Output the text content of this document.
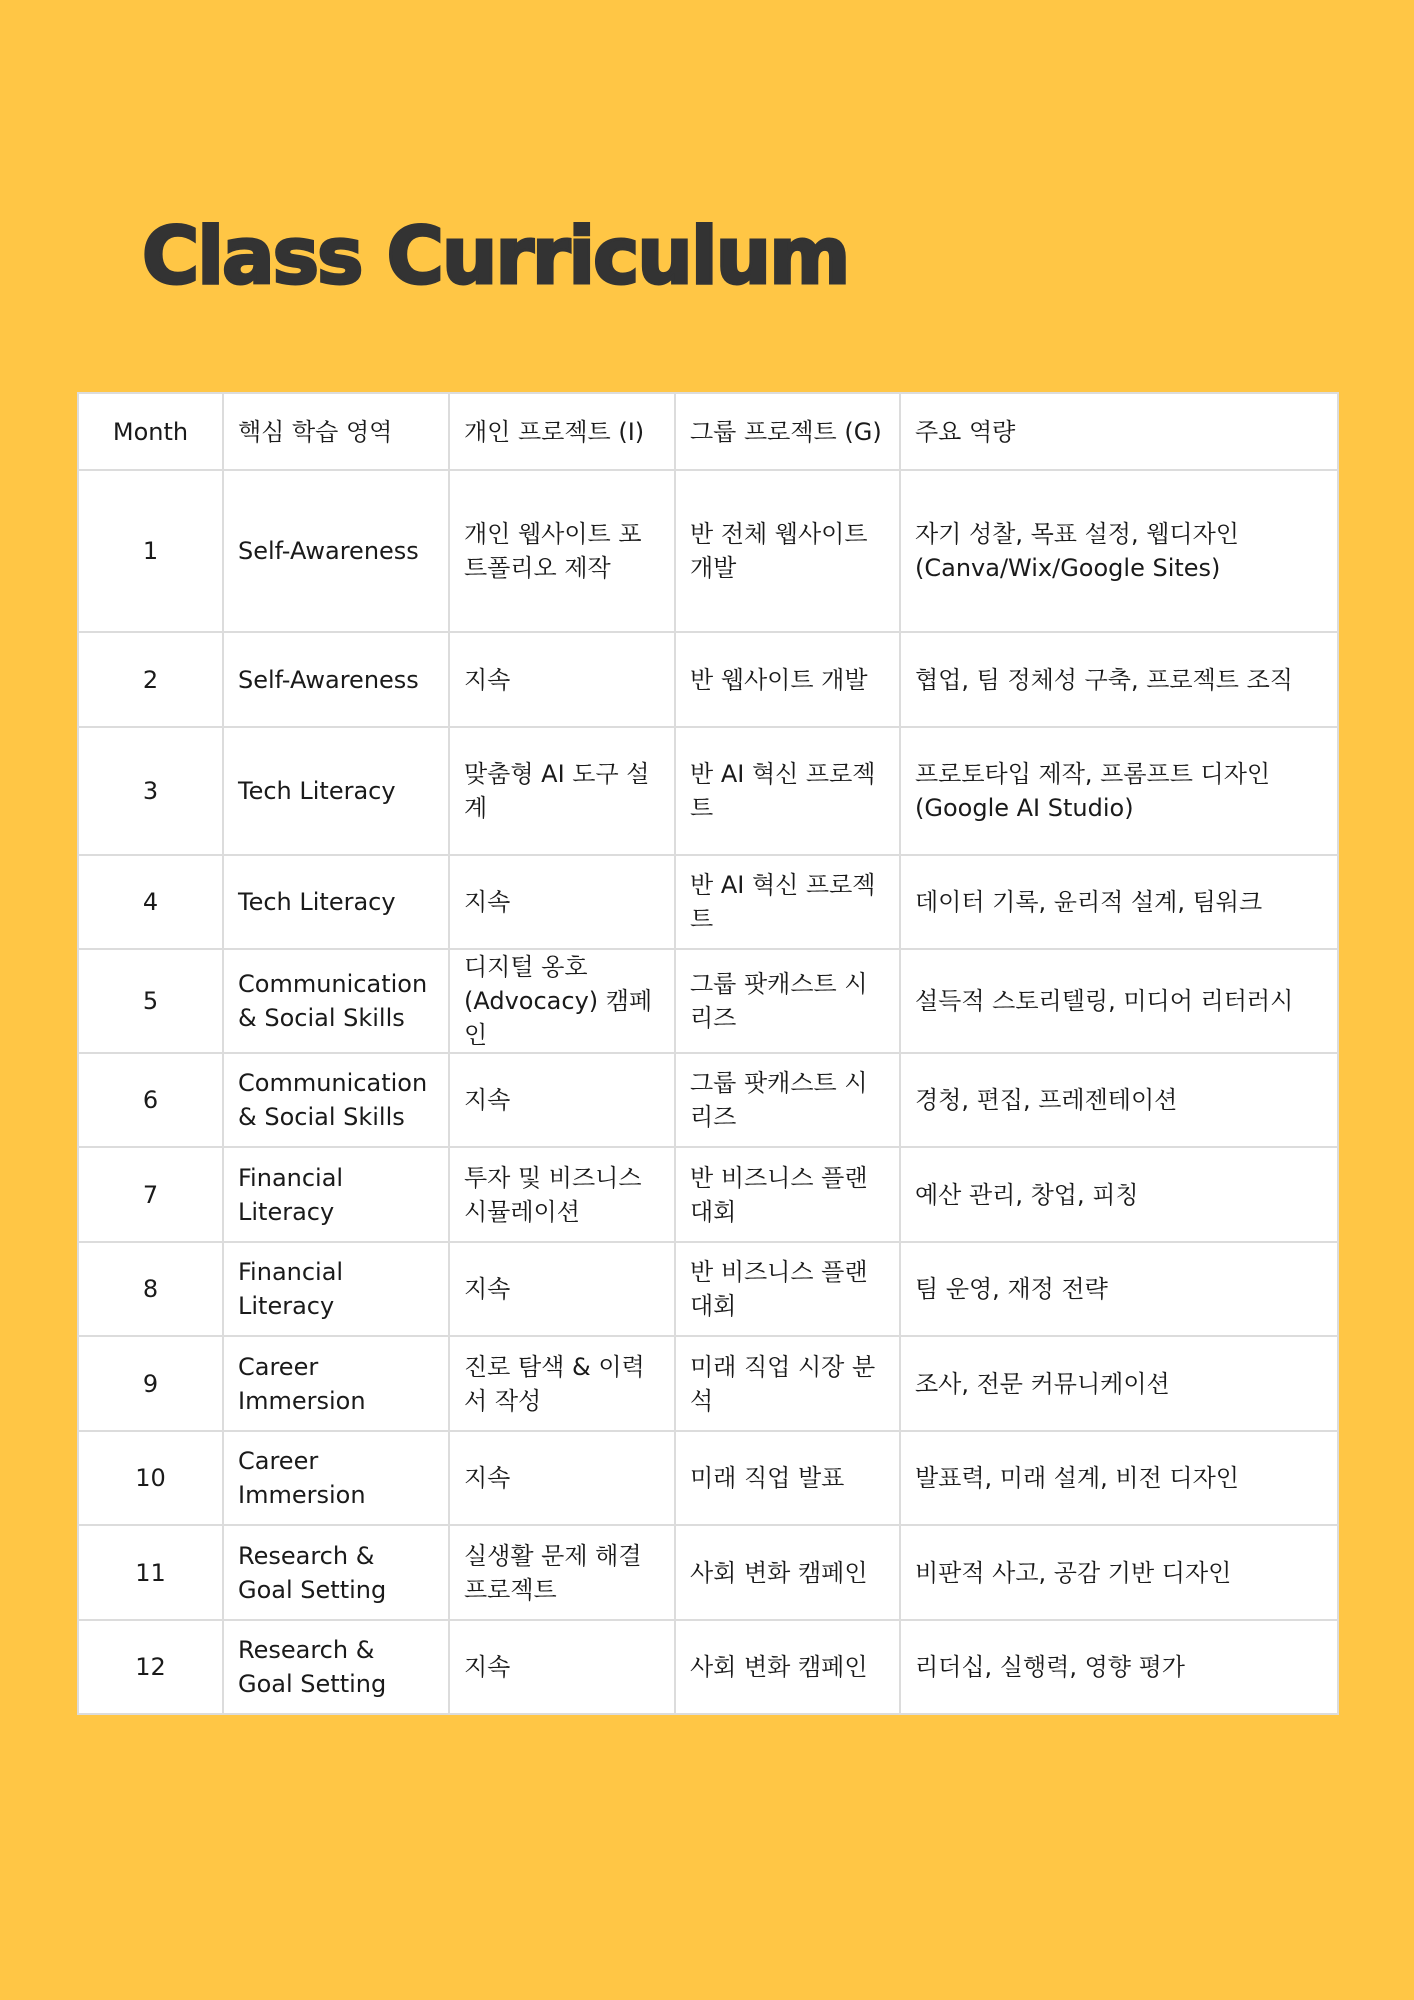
Class Curriculum
Month	핵심 학습 영역	개인 프로젝트 (I)	그룹 프로젝트 (G)	주요 역량
1	Self-Awareness	개인 웹사이트 포트폴리오 제작	반 전체 웹사이트 개발	자기 성찰, 목표 설정, 웹디자인 (Canva/Wix/Google Sites)
2	Self-Awareness	지속	반 웹사이트 개발	협업, 팀 정체성 구축, 프로젝트 조직
3	Tech Literacy	맞춤형 AI 도구 설계	반 AI 혁신 프로젝트	프로토타입 제작, 프롬프트 디자인 (Google AI Studio)
4	Tech Literacy	지속	반 AI 혁신 프로젝트	데이터 기록, 윤리적 설계, 팀워크
5	Communication & Social Skills	디지털 옹호 (Advocacy) 캠페인	그룹 팟캐스트 시리즈	설득적 스토리텔링, 미디어 리터러시
6	Communication & Social Skills	지속	그룹 팟캐스트 시리즈	경청, 편집, 프레젠테이션
7	Financial Literacy	투자 및 비즈니스 시뮬레이션	반 비즈니스 플랜 대회	예산 관리, 창업, 피칭
8	Financial Literacy	지속	반 비즈니스 플랜 대회	팀 운영, 재정 전략
9	Career Immersion	진로 탐색 & 이력서 작성	미래 직업 시장 분석	조사, 전문 커뮤니케이션
10	Career Immersion	지속	미래 직업 발표	발표력, 미래 설계, 비전 디자인
11	Research & Goal Setting	실생활 문제 해결 프로젝트	사회 변화 캠페인	비판적 사고, 공감 기반 디자인
12	Research & Goal Setting	지속	사회 변화 캠페인	리더십, 실행력, 영향 평가
